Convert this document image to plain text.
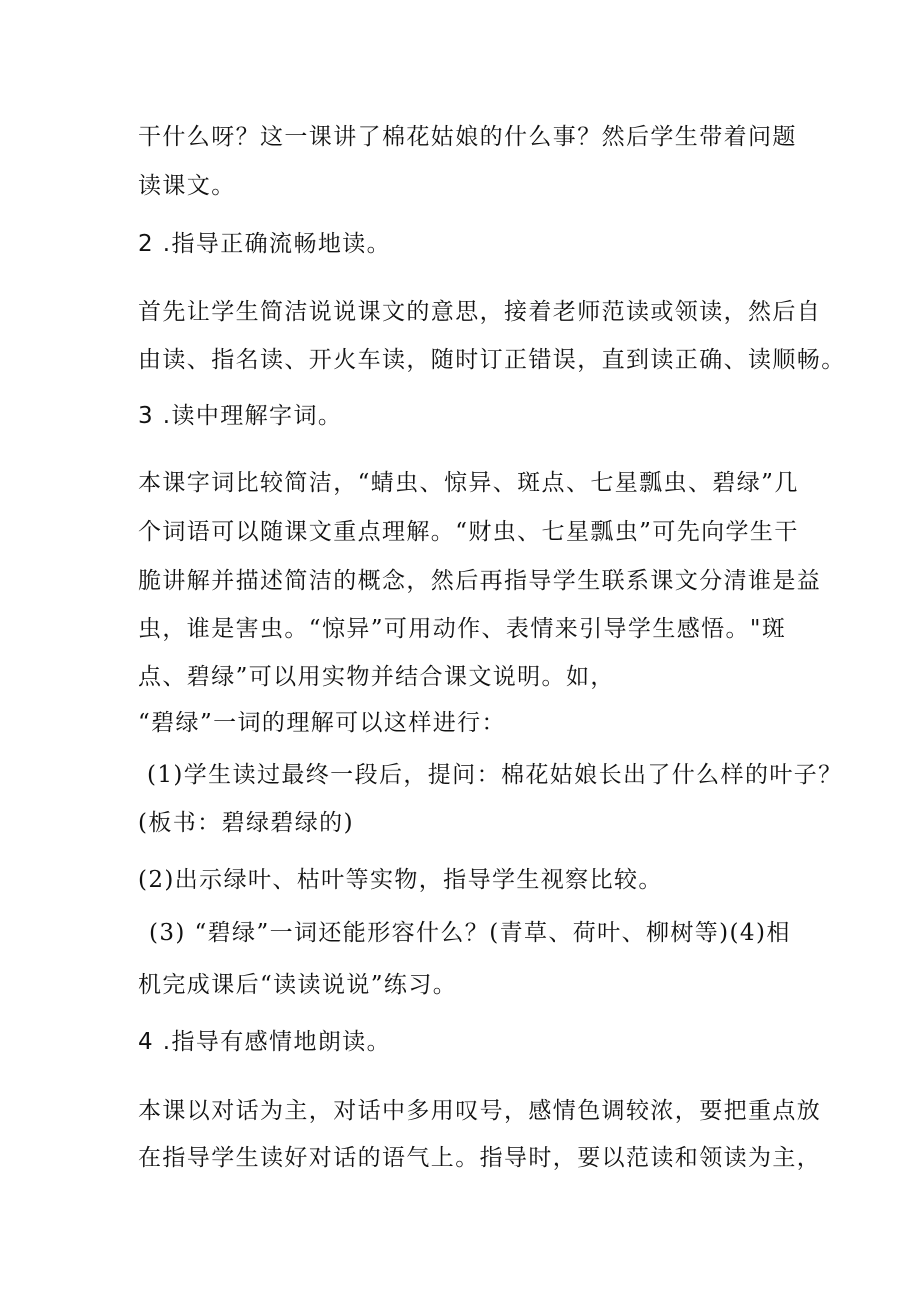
干什么呀？这一课讲了棉花姑娘的什么事？然后学生带着问题
读课文。
2 .指导正确流畅地读。
首先让学生简洁说说课文的意思，接着老师范读或领读，然后自
由读、指名读、开火车读，随时订正错误，直到读正确、读顺畅。
3 .读中理解字词。
本课字词比较简洁，“蜻虫、惊异、斑点、七星瓢虫、碧绿”几
个词语可以随课文重点理解。“财虫、七星瓢虫”可先向学生干
脆讲解并描述简洁的概念，然后再指导学生联系课文分清谁是益
虫，谁是害虫。“惊异”可用动作、表情来引导学生感悟。"斑
点、碧绿”可以用实物并结合课文说明。如，
“碧绿”一词的理解可以这样进行：
(1)学生读过最终一段后，提问：棉花姑娘长出了什么样的叶子？
(板书：碧绿碧绿的)
(2)出示绿叶、枯叶等实物，指导学生视察比较。
(3) “碧绿”一词还能形容什么？(青草、荷叶、柳树等)(4)相
机完成课后“读读说说”练习。
4 .指导有感情地朗读。
本课以对话为主，对话中多用叹号，感情色调较浓，要把重点放
在指导学生读好对话的语气上。指导时，要以范读和领读为主，
